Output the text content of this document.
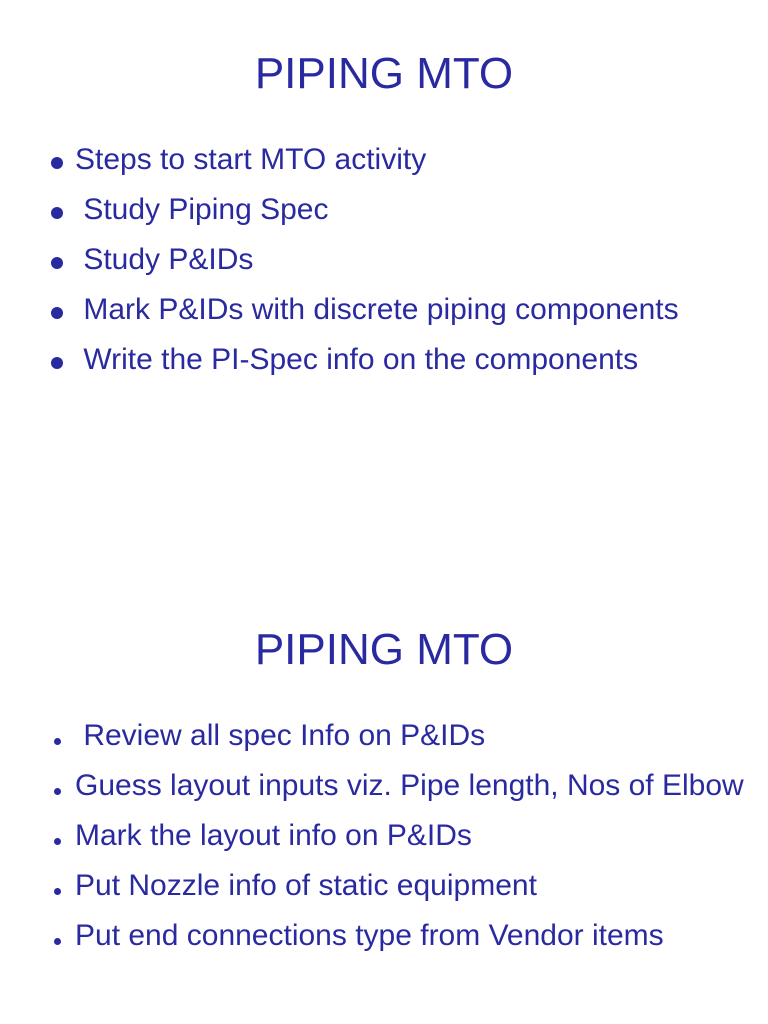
PIPING MTO
Steps to start MTO activity
Study Piping Spec
Study P&IDs
Mark P&IDs with discrete piping components
Write the PI-Spec info on the components
PIPING MTO
Review all spec Info on P&IDs
Guess layout inputs viz. Pipe length, Nos of Elbow
Mark the layout info on P&IDs
Put Nozzle info of static equipment
Put end connections type from Vendor items
